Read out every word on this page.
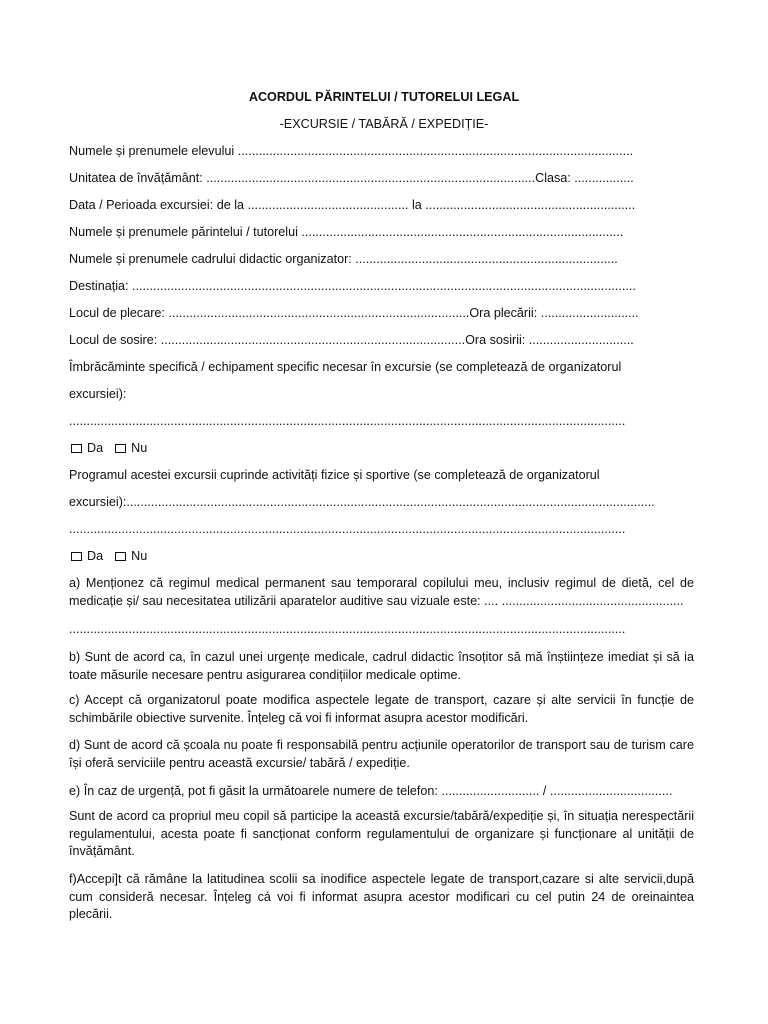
ACORDUL PĂRINTELUI / TUTORELUI LEGAL
-EXCURSIE / TABĂRĂ / EXPEDIȚIE-
Numele și prenumele elevului .................................................................................................................
Unitatea de învățământ: ..............................................................................................Clasa: .................
Data / Perioada excursiei: de la .............................................. la ............................................................
Numele și prenumele părintelui / tutorelui ............................................................................................
Numele și prenumele cadrului didactic organizator: ...........................................................................
Destinația: ................................................................................................................................................
Locul de plecare: ......................................................................................Ora plecării: ............................
Locul de sosire: .......................................................................................Ora sosirii: ..............................
Îmbrăcăminte specifică / echipament specific necesar în excursie (se completează de organizatorul
excursiei):
...............................................................................................................................................................
Da Nu
Programul acestei excursii cuprinde activități fizice și sportive (se completează de organizatorul
excursiei):.......................................................................................................................................................
...............................................................................................................................................................
Da Nu
a) Menționez că regimul medical permanent sau temporaral copilului meu, inclusiv regimul de dietă, cel de medicație și/ sau necesitatea utilizării aparatelor auditive sau vizuale este: .... ....................................................
...............................................................................................................................................................
b) Sunt de acord ca, în cazul unei urgențe medicale, cadrul didactic însoțitor să mă înștiințeze imediat și să ia toate măsurile necesare pentru asigurarea condițiilor medicale optime.
c) Accept că organizatorul poate modifica aspectele legate de transport, cazare și alte servicii în funcție de schimbările obiective survenite. Înțeleg că voi fi informat asupra acestor modificări.
d) Sunt de acord că școala nu poate fi responsabilă pentru acțiunile operatorilor de transport sau de turism care își oferă serviciile pentru această excursie/ tabără / expediție.
e) În caz de urgență, pot fi găsit la următoarele numere de telefon: ............................ / ...................................
Sunt de acord ca propriul meu copil să participe la această excursie/tabără/expediție și, în situația nerespectării regulamentului, acesta poate fi sancționat conform regulamentului de organizare și funcționare al unității de învățământ.
f)Accepi]t că rămâne la latitudinea scolii sa inodifice aspectele legate de transport,cazare si alte servicii,după cum consideră necesar. Înțeleg cá voi fi informat asupra acestor modificari cu cel putin 24 de oreinaintea plecării.
